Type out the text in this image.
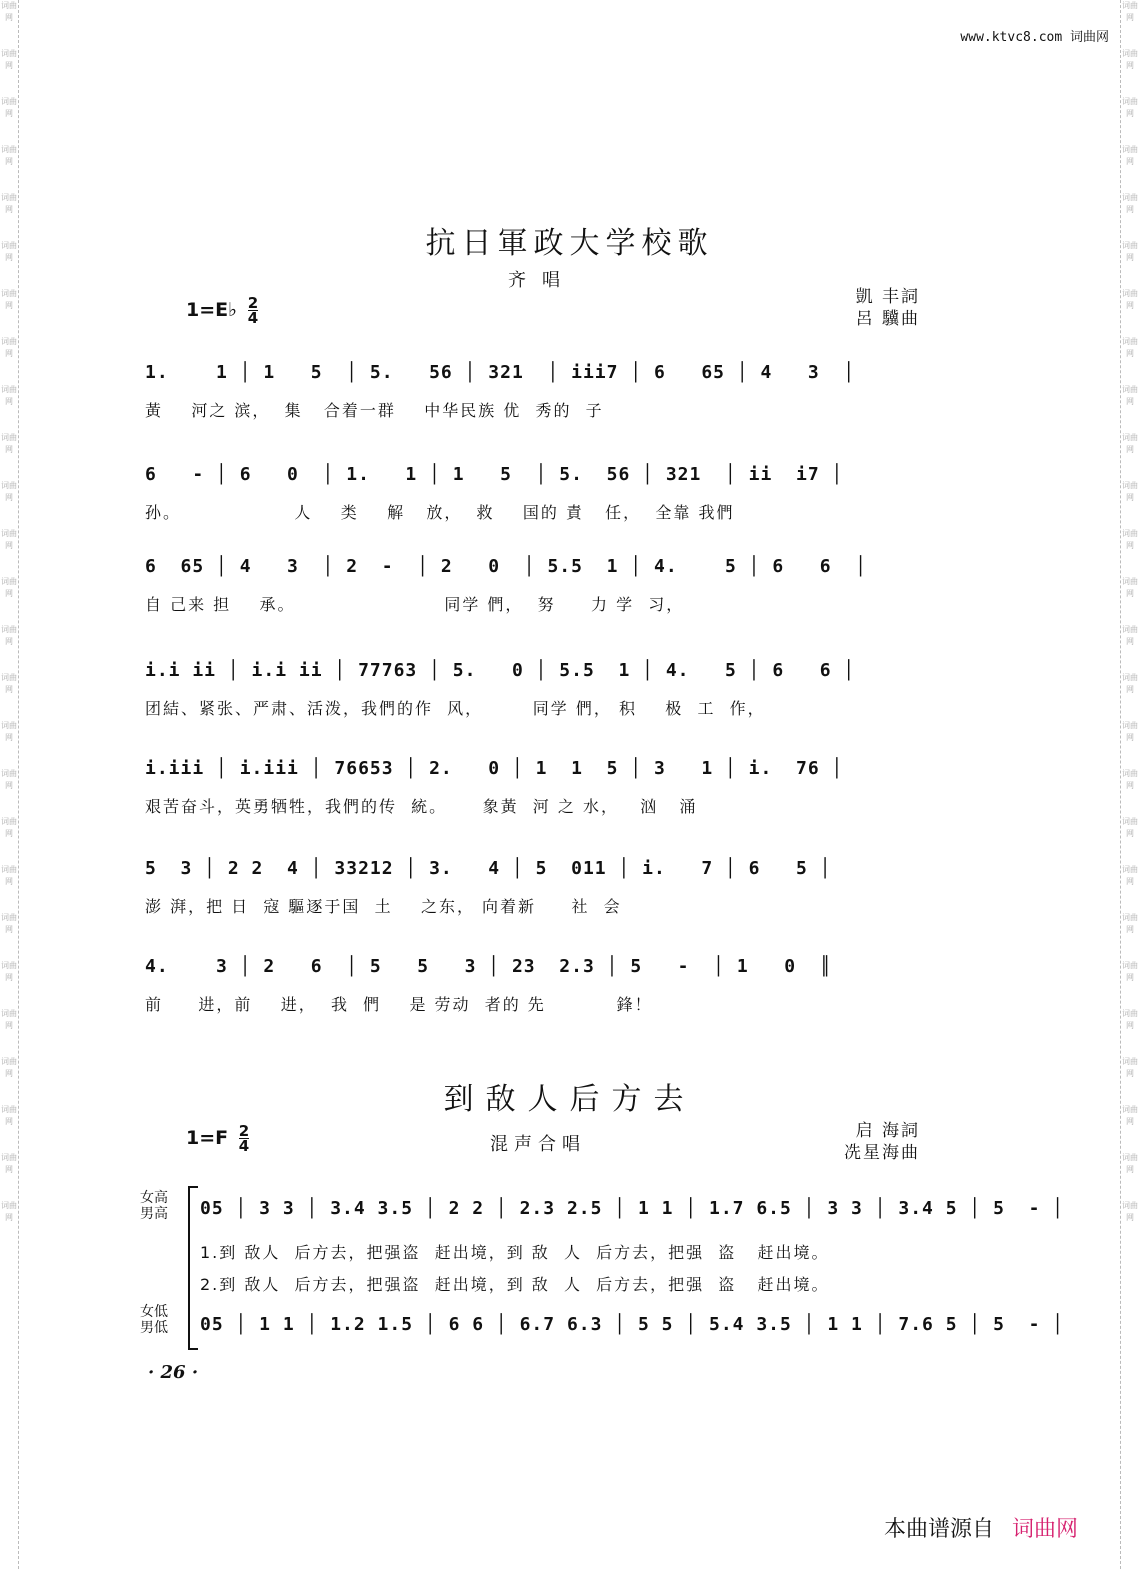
词曲网
词曲网
词曲网
词曲网
词曲网
词曲网
词曲网
词曲网
词曲网
词曲网
词曲网
词曲网
词曲网
词曲网
词曲网
词曲网
词曲网
词曲网
词曲网
词曲网
词曲网
词曲网
词曲网
词曲网
词曲网
词曲网
词曲网
词曲网
词曲网
词曲网
词曲网
词曲网
词曲网
词曲网
词曲网
词曲网
词曲网
词曲网
词曲网
词曲网
词曲网
词曲网
词曲网
词曲网
词曲网
词曲网
词曲网
词曲网
词曲网
词曲网
词曲网
词曲网
www.ktvc8.com 词曲网
抗日軍政大学校歌
齐唱
1=E♭ $\frac{2}{4}$	凱 丰詞
呂 驥曲
1.    1 │ 1   5  │ 5.   56 │ 321  │ iii7 │ 6   65 │ 4   3  │
黃    河之 滨，  集   合着一群    中华民族 优  秀的  子
6   - │ 6   0  │ 1.   1 │ 1   5  │ 5.  56 │ 321  │ ii  i7 │
孙。                人    类    解   放，  救    国的 責   任，  全靠 我們
6  65 │ 4   3  │ 2  -  │ 2   0  │ 5.5  1 │ 4.    5 │ 6   6  │
自 己来 担    承。                     同学 們，  努     力 学  习，
i.i ii │ i.i ii │ 77763 │ 5.   0 │ 5.5  1 │ 4.   5 │ 6   6 │
团結、紧张、严肃、活泼，我們的作  风，       同学 們， 积    极  工  作，
i.iii │ i.iii │ 76653 │ 2.   0 │ 1  1  5 │ 3   1 │ i.  76 │
艰苦奋斗，英勇牺牲，我們的传  統。     象黃  河 之 水，   汹   涌
5  3 │ 2 2  4 │ 33212 │ 3.   4 │ 5  011 │ i.   7 │ 6   5 │
澎 湃，把 日  寇 驅逐于国  土    之东， 向着新     社  会
4.    3 │ 2   6  │ 5   5   3 │ 23  2.3 │ 5   -  │ 1   0  ║
前     进，前    进，  我  們    是 劳动  者的 先          鋒！
到敌人后方去
$1=F \frac{2}{4}$	混声合唱
启 海詞
冼星海曲
女高
男高
女低
男低
05 │ 3 3 │ 3.4 3.5 │ 2 2 │ 2.3 2.5 │ 1 1 │ 1.7 6.5 │ 3 3 │ 3.4 5 │ 5  - │
1.到 敌人  后方去，把强盗  赶出境，到 敌  人  后方去，把强  盗   赶出境。
2.到 敌人  后方去，把强盗  赶出境，到 敌  人  后方去，把强  盗   赶出境。
05 │ 1 1 │ 1.2 1.5 │ 6 6 │ 6.7 6.3 │ 5 5 │ 5.4 3.5 │ 1 1 │ 7.6 5 │ 5  - │
· 26 ·
本曲谱源自 词曲网
